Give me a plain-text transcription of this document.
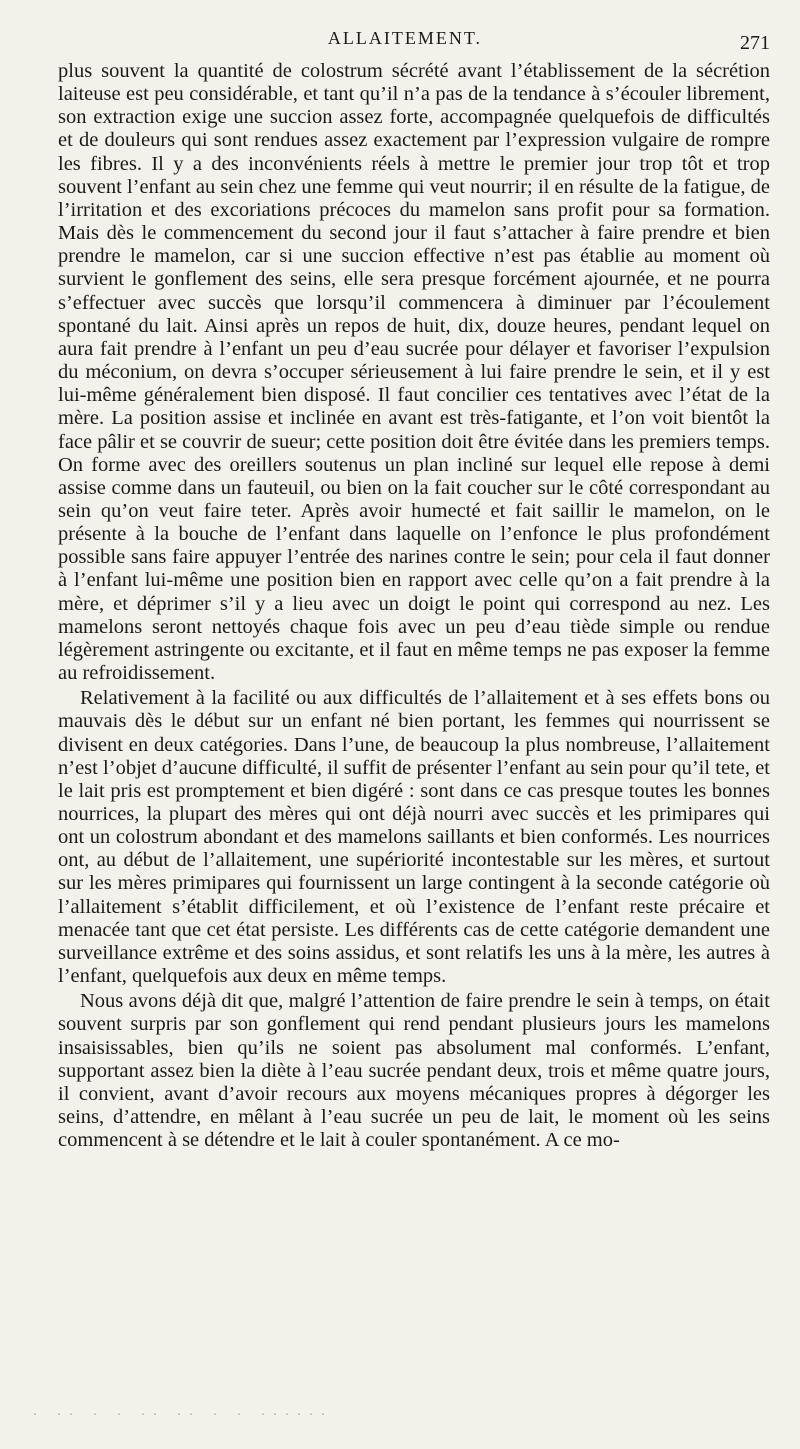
ALLAITEMENT.	271

plus souvent la quantité de colostrum sécrété avant l’établissement de la sécrétion laiteuse est peu considérable, et tant qu’il n’a pas de la tendance à s’écouler librement, son extraction exige une succion assez forte, accompagnée quelquefois de difficultés et de douleurs qui sont rendues assez exactement par l’expression vulgaire de rompre les fibres. Il y a des inconvénients réels à mettre le premier jour trop tôt et trop souvent l’enfant au sein chez une femme qui veut nourrir; il en résulte de la fatigue, de l’irritation et des excoriations précoces du mamelon sans profit pour sa formation. Mais dès le commencement du second jour il faut s’attacher à faire prendre et bien prendre le mamelon, car si une succion effective n’est pas établie au moment où survient le gonflement des seins, elle sera presque forcément ajournée, et ne pourra s’effectuer avec succès que lorsqu’il commencera à diminuer par l’écoulement spontané du lait. Ainsi après un repos de huit, dix, douze heures, pendant lequel on aura fait prendre à l’enfant un peu d’eau sucrée pour délayer et favoriser l’expulsion du méconium, on devra s’occuper sérieusement à lui faire prendre le sein, et il y est lui-même généralement bien disposé. Il faut concilier ces tentatives avec l’état de la mère. La position assise et inclinée en avant est très-fatigante, et l’on voit bientôt la face pâlir et se couvrir de sueur; cette position doit être évitée dans les premiers temps. On forme avec des oreillers soutenus un plan incliné sur lequel elle repose à demi assise comme dans un fauteuil, ou bien on la fait coucher sur le côté correspondant au sein qu’on veut faire teter. Après avoir humecté et fait saillir le mamelon, on le présente à la bouche de l’enfant dans laquelle on l’enfonce le plus profondément possible sans faire appuyer l’entrée des narines contre le sein; pour cela il faut donner à l’enfant lui-même une position bien en rapport avec celle qu’on a fait prendre à la mère, et déprimer s’il y a lieu avec un doigt le point qui correspond au nez. Les mamelons seront nettoyés chaque fois avec un peu d’eau tiède simple ou rendue légèrement astringente ou excitante, et il faut en même temps ne pas exposer la femme au refroidissement.

Relativement à la facilité ou aux difficultés de l’allaitement et à ses effets bons ou mauvais dès le début sur un enfant né bien portant, les femmes qui nourrissent se divisent en deux catégories. Dans l’une, de beaucoup la plus nombreuse, l’allaitement n’est l’objet d’aucune difficulté, il suffit de présenter l’enfant au sein pour qu’il tete, et le lait pris est promptement et bien digéré : sont dans ce cas presque toutes les bonnes nourrices, la plupart des mères qui ont déjà nourri avec succès et les primipares qui ont un colostrum abondant et des mamelons saillants et bien conformés. Les nourrices ont, au début de l’allaitement, une supériorité incontestable sur les mères, et surtout sur les mères primipares qui fournissent un large contingent à la seconde catégorie où l’allaitement s’établit difficilement, et où l’existence de l’enfant reste précaire et menacée tant que cet état persiste. Les différents cas de cette catégorie demandent une surveillance extrême et des soins assidus, et sont relatifs les uns à la mère, les autres à l’enfant, quelquefois aux deux en même temps.

Nous avons déjà dit que, malgré l’attention de faire prendre le sein à temps, on était souvent surpris par son gonflement qui rend pendant plusieurs jours les mamelons insaisissables, bien qu’ils ne soient pas absolument mal conformés. L’enfant, supportant assez bien la diète à l’eau sucrée pendant deux, trois et même quatre jours, il convient, avant d’avoir recours aux moyens mécaniques propres à dégorger les seins, d’attendre, en mêlant à l’eau sucrée un peu de lait, le moment où les seins commencent à se détendre et le lait à couler spontanément. A ce mo-

. .. . . .. .. . . ......
